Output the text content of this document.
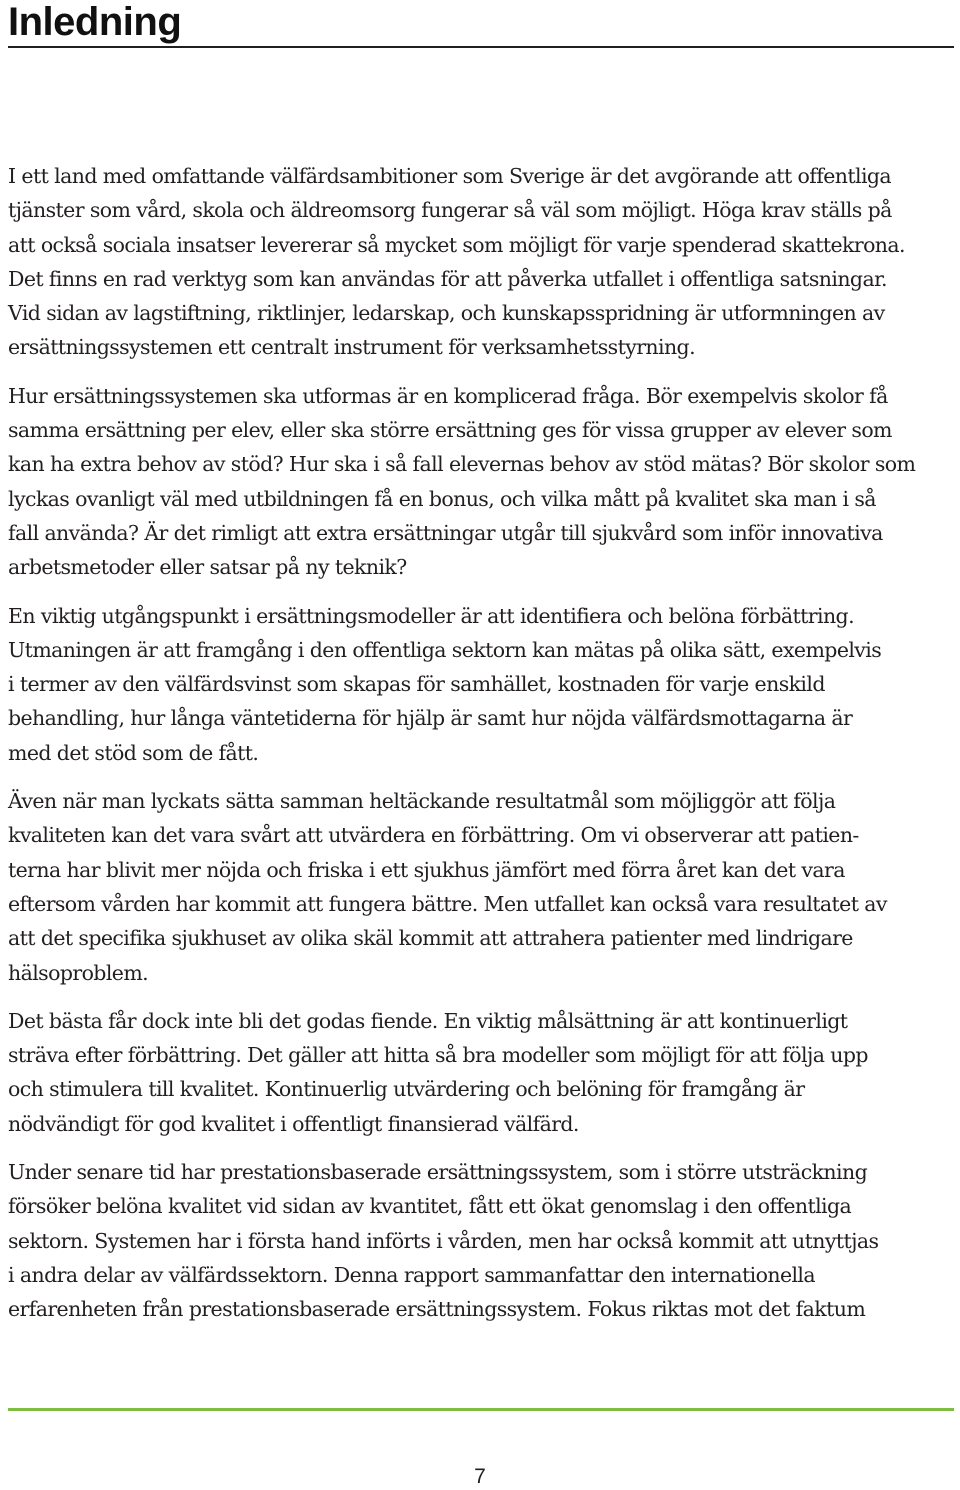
Inledning

I ett land med omfattande välfärdsambitioner som Sverige är det avgörande att offentliga
tjänster som vård, skola och äldreomsorg fungerar så väl som möjligt. Höga krav ställs på
att också sociala insatser levererar så mycket som möjligt för varje spenderad skattekrona.
Det finns en rad verktyg som kan användas för att påverka utfallet i offentliga satsningar.
Vid sidan av lagstiftning, riktlinjer, ledarskap, och kunskapsspridning är utformningen av
ersättningssystemen ett centralt instrument för verksamhetsstyrning.

Hur ersättningssystemen ska utformas är en komplicerad fråga. Bör exempelvis skolor få
samma ersättning per elev, eller ska större ersättning ges för vissa grupper av elever som
kan ha extra behov av stöd? Hur ska i så fall elevernas behov av stöd mätas? Bör skolor som
lyckas ovanligt väl med utbildningen få en bonus, och vilka mått på kvalitet ska man i så
fall använda? Är det rimligt att extra ersättningar utgår till sjukvård som inför innovativa
arbetsmetoder eller satsar på ny teknik?

En viktig utgångspunkt i ersättningsmodeller är att identifiera och belöna förbättring.
Utmaningen är att framgång i den offentliga sektorn kan mätas på olika sätt, exempelvis
i termer av den välfärdsvinst som skapas för samhället, kostnaden för varje enskild
behandling, hur långa väntetiderna för hjälp är samt hur nöjda välfärdsmottagarna är
med det stöd som de fått.

Även när man lyckats sätta samman heltäckande resultatmål som möjliggör att följa
kvaliteten kan det vara svårt att utvärdera en förbättring. Om vi observerar att patien-
terna har blivit mer nöjda och friska i ett sjukhus jämfört med förra året kan det vara
eftersom vården har kommit att fungera bättre. Men utfallet kan också vara resultatet av
att det specifika sjukhuset av olika skäl kommit att attrahera patienter med lindrigare
hälsoproblem.

Det bästa får dock inte bli det godas fiende. En viktig målsättning är att kontinuerligt
sträva efter förbättring. Det gäller att hitta så bra modeller som möjligt för att följa upp
och stimulera till kvalitet. Kontinuerlig utvärdering och belöning för framgång är
nödvändigt för god kvalitet i offentligt finansierad välfärd.

Under senare tid har prestationsbaserade ersättningssystem, som i större utsträckning
försöker belöna kvalitet vid sidan av kvantitet, fått ett ökat genomslag i den offentliga
sektorn. Systemen har i första hand införts i vården, men har också kommit att utnyttjas
i andra delar av välfärdssektorn. Denna rapport sammanfattar den internationella
erfarenheten från prestationsbaserade ersättningssystem. Fokus riktas mot det faktum

7
